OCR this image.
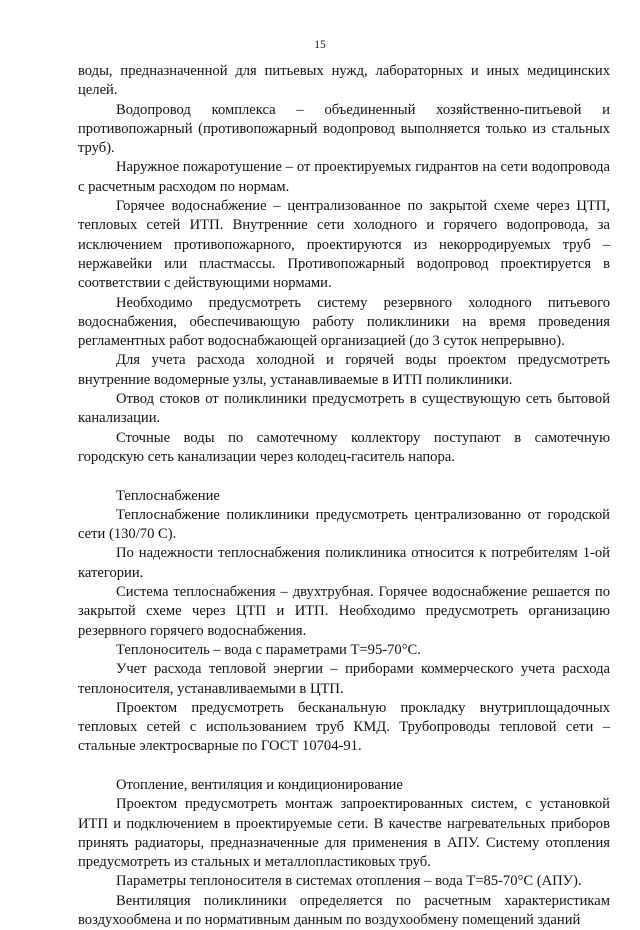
15

воды, предназначенной для питьевых нужд, лабораторных и иных медицинских целей.

Водопровод комплекса – объединенный хозяйственно-питьевой и противопожарный (противопожарный водопровод выполняется только из стальных труб).

Наружное пожаротушение – от проектируемых гидрантов на сети водопровода с расчетным расходом по нормам.

Горячее водоснабжение – централизованное по закрытой схеме через ЦТП, тепловых сетей ИТП. Внутренние сети холодного и горячего водопровода, за исключением противопожарного, проектируются из некорродируемых труб – нержавейки или пластмассы. Противопожарный водопровод проектируется в соответствии с действующими нормами.

Необходимо предусмотреть систему резервного холодного питьевого водоснабжения, обеспечивающую работу поликлиники на время проведения регламентных работ водоснабжающей организацией (до 3 суток непрерывно).

Для учета расхода холодной и горячей воды проектом предусмотреть внутренние водомерные узлы, устанавливаемые в ИТП поликлиники.

Отвод стоков от поликлиники предусмотреть в существующую сеть бытовой канализации.

Сточные воды по самотечному коллектору поступают в самотечную городскую сеть канализации через колодец-гаситель напора.

Теплоснабжение

Теплоснабжение поликлиники предусмотреть централизованно от городской сети (130/70 С).

По надежности теплоснабжения поликлиника относится к потребителям 1-ой категории.

Система теплоснабжения – двухтрубная. Горячее водоснабжение решается по закрытой схеме через ЦТП и ИТП. Необходимо предусмотреть организацию резервного горячего водоснабжения.

Теплоноситель – вода с параметрами Т=95-70°С.

Учет расхода тепловой энергии – приборами коммерческого учета расхода теплоносителя, устанавливаемыми в ЦТП.

Проектом предусмотреть бесканальную прокладку внутриплощадочных тепловых сетей с использованием труб КМД. Трубопроводы тепловой сети – стальные электросварные по ГОСТ 10704-91.

Отопление, вентиляция и кондиционирование

Проектом предусмотреть монтаж запроектированных систем, с установкой ИТП и подключением в проектируемые сети. В качестве нагревательных приборов принять радиаторы, предназначенные для применения в АПУ. Систему отопления предусмотреть из стальных и металлопластиковых труб.

Параметры теплоносителя в системах отопления – вода Т=85-70°С (АПУ).

Вентиляция поликлиники определяется по расчетным характеристикам воздухообмена и по нормативным данным по воздухообмену помещений зданий
